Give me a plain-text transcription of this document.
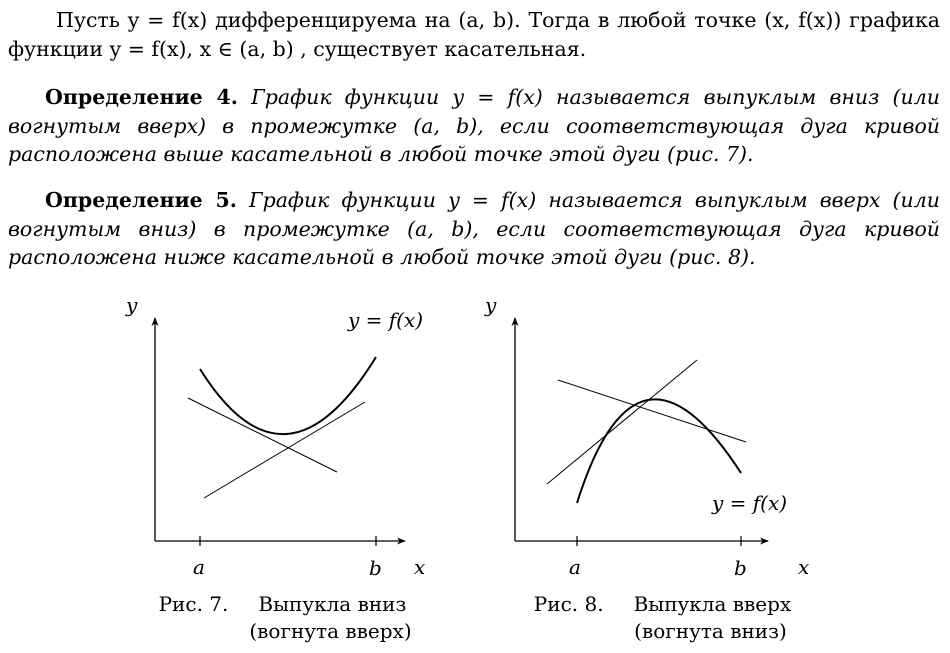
Пусть y = f(x) дифференцируема на (a, b). Тогда в любой точке (x, f(x)) графика функции y = f(x), x ∈ (a, b) , существует касательная.

Определение 4. График функции y = f(x) называется выпуклым вниз (или вогнутым вверх) в промежутке (a, b), если соответствующая дуга кривой расположена выше касательной в любой точке этой дуги (рис. 7).

Определение 5. График функции y = f(x) называется выпуклым вверх (или вогнутым вниз) в промежутке (a, b), если соответствующая дуга кривой расположена ниже касательной в любой точке этой дуги (рис. 8).

y
x
a	b
y = f(x)
y
x
a	b
y = f(x)
Рис. 7. Выпукла вниз
(вогнута вверх)
Рис. 8. Выпукла вверх
(вогнута вниз)
